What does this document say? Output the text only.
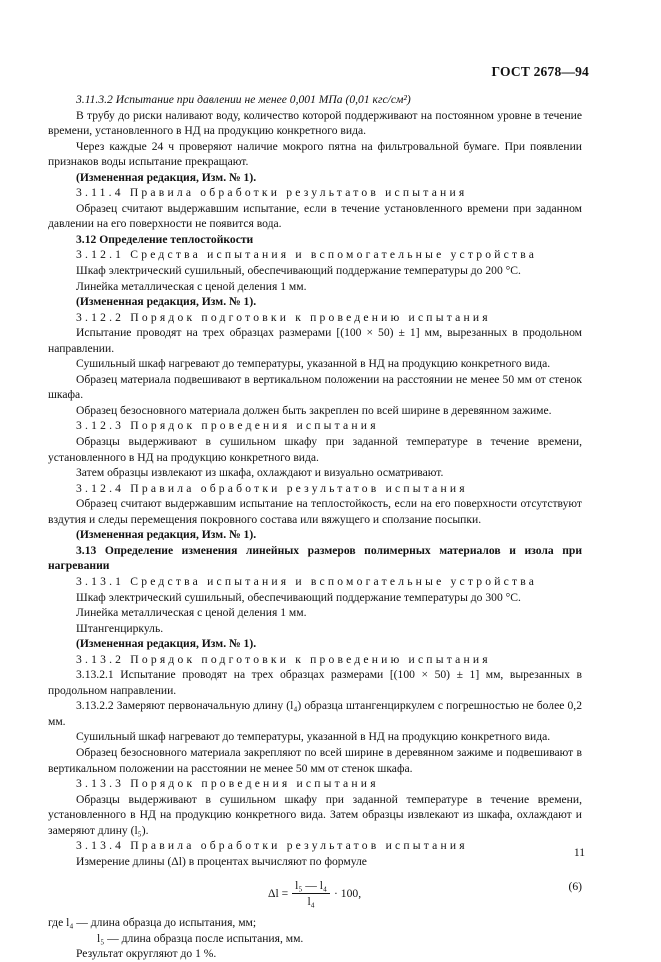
ГОСТ 2678—94

3.11.3.2 Испытание при давлении не менее 0,001 МПа (0,01 кгс/см²)

В трубу до риски наливают воду, количество которой поддерживают на постоянном уровне в течение времени, установленного в НД на продукцию конкретного вида.

Через каждые 24 ч проверяют наличие мокрого пятна на фильтровальной бумаге. При появлении признаков воды испытание прекращают.

(Измененная редакция, Изм. № 1).

3.11.4 Правила обработки результатов испытания

Образец считают выдержавшим испытание, если в течение установленного времени при заданном давлении на его поверхности не появится вода.

3.12 Определение теплостойкости

3.12.1 Средства испытания и вспомогательные устройства

Шкаф электрический сушильный, обеспечивающий поддержание температуры до 200 °С.

Линейка металлическая с ценой деления 1 мм.

(Измененная редакция, Изм. № 1).

3.12.2 Порядок подготовки к проведению испытания

Испытание проводят на трех образцах размерами [(100 × 50) ± 1] мм, вырезанных в продольном направлении.

Сушильный шкаф нагревают до температуры, указанной в НД на продукцию конкретного вида.

Образец материала подвешивают в вертикальном положении на расстоянии не менее 50 мм от стенок шкафа.

Образец безосновного материала должен быть закреплен по всей ширине в деревянном зажиме.

3.12.3 Порядок проведения испытания

Образцы выдерживают в сушильном шкафу при заданной температуре в течение времени, установленного в НД на продукцию конкретного вида.

Затем образцы извлекают из шкафа, охлаждают и визуально осматривают.

3.12.4 Правила обработки результатов испытания

Образец считают выдержавшим испытание на теплостойкость, если на его поверхности отсутствуют вздутия и следы перемещения покровного состава или вяжущего и сползание посыпки.

(Измененная редакция, Изм. № 1).

3.13 Определение изменения линейных размеров полимерных материалов и изола при нагревании

3.13.1 Средства испытания и вспомогательные устройства

Шкаф электрический сушильный, обеспечивающий поддержание температуры до 300 °С.

Линейка металлическая с ценой деления 1 мм.

Штангенциркуль.

(Измененная редакция, Изм. № 1).

3.13.2 Порядок подготовки к проведению испытания

3.13.2.1 Испытание проводят на трех образцах размерами [(100 × 50) ± 1] мм, вырезанных в продольном направлении.

3.13.2.2 Замеряют первоначальную длину (l₄) образца штангенциркулем с погрешностью не более 0,2 мм.

Сушильный шкаф нагревают до температуры, указанной в НД на продукцию конкретного вида.

Образец безосновного материала закрепляют по всей ширине в деревянном зажиме и подвешивают в вертикальном положении на расстоянии не менее 50 мм от стенок шкафа.

3.13.3 Порядок проведения испытания

Образцы выдерживают в сушильном шкафу при заданной температуре в течение времени, установленного в НД на продукцию конкретного вида. Затем образцы извлекают из шкафа, охлаждают и замеряют длину (l₅).

3.13.4 Правила обработки результатов испытания

Измерение длины (Δl) в процентах вычисляют по формуле

$\Delta l = \frac{\text{l₅ — l₄}}{\text{l₄}} \cdot 100$,
(6)

где l₄ — длина образца до испытания, мм;

l₅ — длина образца после испытания, мм.

Результат округляют до 1 %.

11
